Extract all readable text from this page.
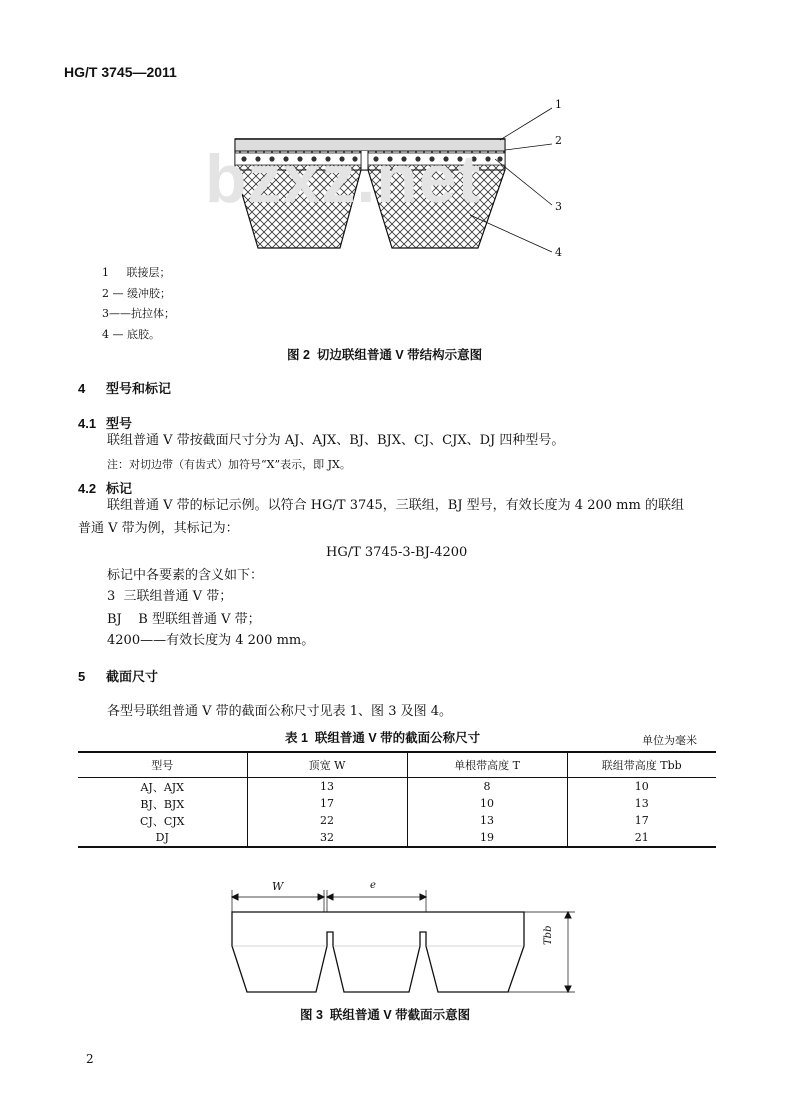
HG/T 3745—2011
1
2
3
4
bzxz.net
1     联接层；
2 — 缓冲胶；
3——抗拉体；
4 — 底胶。
图 2  切边联组普通 V 带结构示意图
4 型号和标记
4.1 型号
联组普通 V 带按截面尺寸分为 AJ、AJX、BJ、BJX、CJ、CJX、DJ 四种型号。
注：对切边带（有齿式）加符号“X”表示，即 JX。
4.2 标记
联组普通 V 带的标记示例。以符合 HG/T 3745，三联组，BJ 型号，有效长度为 4 200 mm 的联组
普通 V 带为例，其标记为：
HG/T 3745-3-BJ-4200
标记中各要素的含义如下：
3  三联组普通 V 带；
BJ    B 型联组普通 V 带；
4200——有效长度为 4 200 mm。
5 截面尺寸
各型号联组普通 V 带的截面公称尺寸见表 1、图 3 及图 4。
表 1  联组普通 V 带的截面公称尺寸	单位为毫米
型号	顶宽 W	单根带高度 T	联组带高度 Tbb
AJ、AJX	13	8	10
BJ、BJX	17	10	13
CJ、CJX	22	13	17
DJ	32	19	21
W	e
Tbb
图 3  联组普通 V 带截面示意图
2
